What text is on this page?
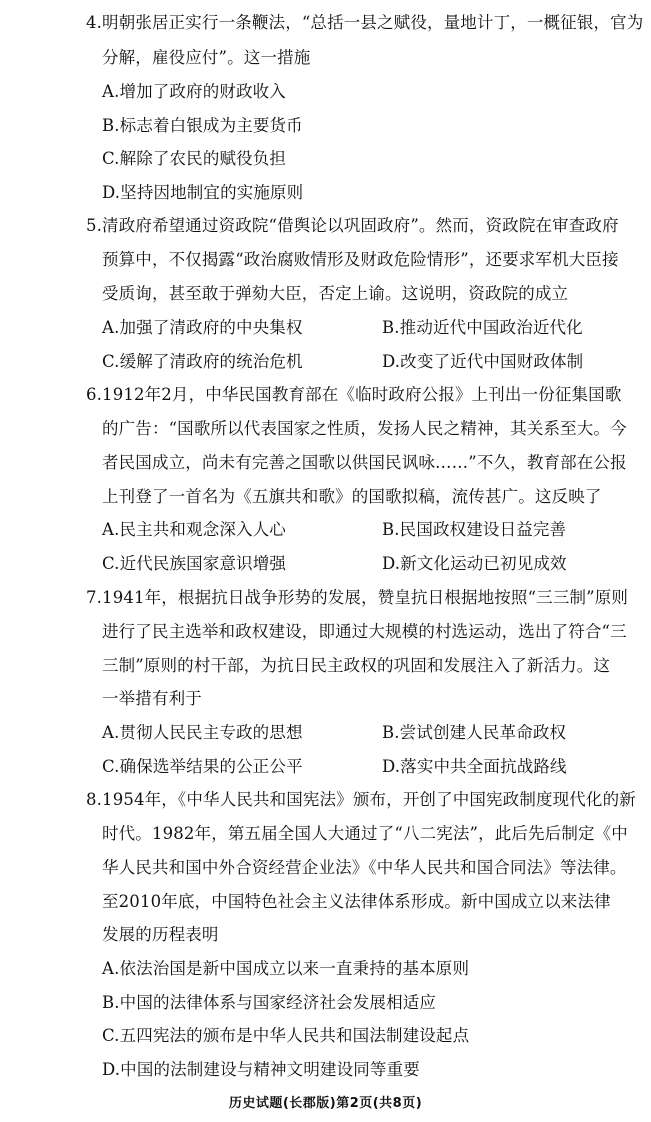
4.明朝张居正实行一条鞭法，“总括一县之赋役，量地计丁，一概征银，官为
分解，雇役应付”。这一措施
A.增加了政府的财政收入
B.标志着白银成为主要货币
C.解除了农民的赋役负担
D.坚持因地制宜的实施原则
5.清政府希望通过资政院“借舆论以巩固政府”。然而，资政院在审查政府
预算中，不仅揭露“政治腐败情形及财政危险情形”，还要求军机大臣接
受质询，甚至敢于弹劾大臣，否定上谕。这说明，资政院的成立
A.加强了清政府的中央集权	B.推动近代中国政治近代化
C.缓解了清政府的统治危机	D.改变了近代中国财政体制
6.1912年2月，中华民国教育部在《临时政府公报》上刊出一份征集国歌
的广告：“国歌所以代表国家之性质，发扬人民之精神，其关系至大。今
者民国成立，尚未有完善之国歌以供国民讽咏……”不久，教育部在公报
上刊登了一首名为《五旗共和歌》的国歌拟稿，流传甚广。这反映了
A.民主共和观念深入人心	B.民国政权建设日益完善
C.近代民族国家意识增强	D.新文化运动已初见成效
7.1941年，根据抗日战争形势的发展，赞皇抗日根据地按照“三三制”原则
进行了民主选举和政权建设，即通过大规模的村选运动，选出了符合“三
三制”原则的村干部，为抗日民主政权的巩固和发展注入了新活力。这
一举措有利于
A.贯彻人民民主专政的思想	B.尝试创建人民革命政权
C.确保选举结果的公正公平	D.落实中共全面抗战路线
8.1954年，《中华人民共和国宪法》颁布，开创了中国宪政制度现代化的新
时代。1982年，第五届全国人大通过了“八二宪法”，此后先后制定《中
华人民共和国中外合资经营企业法》《中华人民共和国合同法》等法律。
至2010年底，中国特色社会主义法律体系形成。新中国成立以来法律
发展的历程表明
A.依法治国是新中国成立以来一直秉持的基本原则
B.中国的法律体系与国家经济社会发展相适应
C.五四宪法的颁布是中华人民共和国法制建设起点
D.中国的法制建设与精神文明建设同等重要
历史试题(长郡版)第2页(共8页)
